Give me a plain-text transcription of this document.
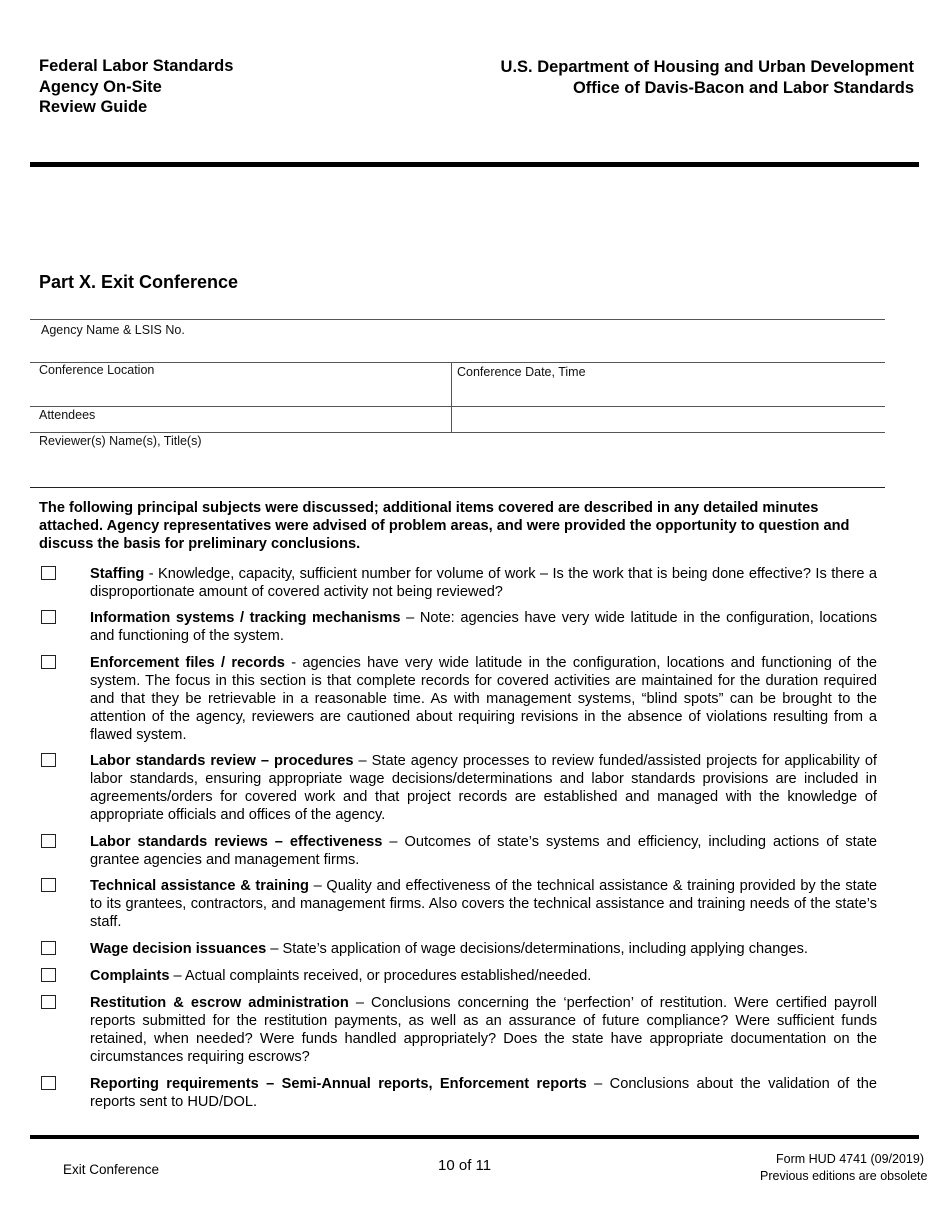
Federal Labor Standards
Agency On-Site
Review Guide
U.S. Department of Housing and Urban Development
Office of Davis-Bacon and Labor Standards
Part X. Exit Conference
Agency Name & LSIS No.
Conference Location	Conference Date, Time
Attendees
Reviewer(s) Name(s), Title(s)
The following principal subjects were discussed; additional items covered are described in any detailed minutes attached. Agency representatives were advised of problem areas, and were provided the opportunity to question and discuss the basis for preliminary conclusions.
Staffing - Knowledge, capacity, sufficient number for volume of work – Is the work that is being done effective? Is there a disproportionate amount of covered activity not being reviewed?
Information systems / tracking mechanisms – Note: agencies have very wide latitude in the configuration, locations and functioning of the system.
Enforcement files / records - agencies have very wide latitude in the configuration, locations and functioning of the system. The focus in this section is that complete records for covered activities are maintained for the duration required and that they be retrievable in a reasonable time. As with management systems, “blind spots” can be brought to the attention of the agency, reviewers are cautioned about requiring revisions in the absence of violations resulting from a flawed system.
Labor standards review – procedures – State agency processes to review funded/assisted projects for applicability of labor standards, ensuring appropriate wage decisions/determinations and labor standards provisions are included in agreements/orders for covered work and that project records are established and managed with the knowledge of appropriate officials and offices of the agency.
Labor standards reviews – effectiveness – Outcomes of state’s systems and efficiency, including actions of state grantee agencies and management firms.
Technical assistance & training – Quality and effectiveness of the technical assistance & training provided by the state to its grantees, contractors, and management firms. Also covers the technical assistance and training needs of the state’s staff.
Wage decision issuances – State’s application of wage decisions/determinations, including applying changes.
Complaints – Actual complaints received, or procedures established/needed.
Restitution & escrow administration – Conclusions concerning the ‘perfection’ of restitution. Were certified payroll reports submitted for the restitution payments, as well as an assurance of future compliance? Were sufficient funds retained, when needed? Were funds handled appropriately? Does the state have appropriate documentation on the circumstances requiring escrows?
Reporting requirements – Semi-Annual reports, Enforcement reports – Conclusions about the validation of the reports sent to HUD/DOL.
Exit Conference	10 of 11	Form HUD 4741 (09/2019)
Previous editions are obsolete
